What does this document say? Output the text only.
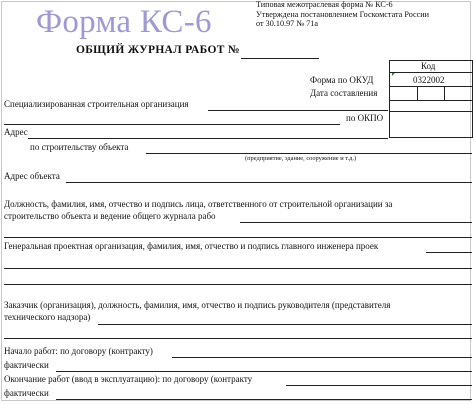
Форма КС-6	Типовая межотраслевая форма № КС-6
Утверждена постановлением Госкомстата России
от 30.10.97 № 71а
ОБЩИЙ ЖУРНАЛ РАБОТ №
Код
Форма по ОКУД	0322002
Дата составления
по ОКПО
Специализированная строительная организация
Адрес
по строительству объекта
(предприятие, здание, сооружение и т.д.)
Адрес объекта
Должность, фамилия, имя, отчество и подпись лица, ответственного от строительной организации за
строительство объекта и ведение общего журнала рабо
Генеральная проектная организация, фамилия, имя, отчество и подпись главного инженера проек
Заказчик (организация), должность, фамилия, имя, отчество и подпись руководителя (представителя
технического надзора)
Начало работ: по договору (контракту)
фактически
Окончание работ (ввод в эксплуатацию): по договору (контракту
фактически
